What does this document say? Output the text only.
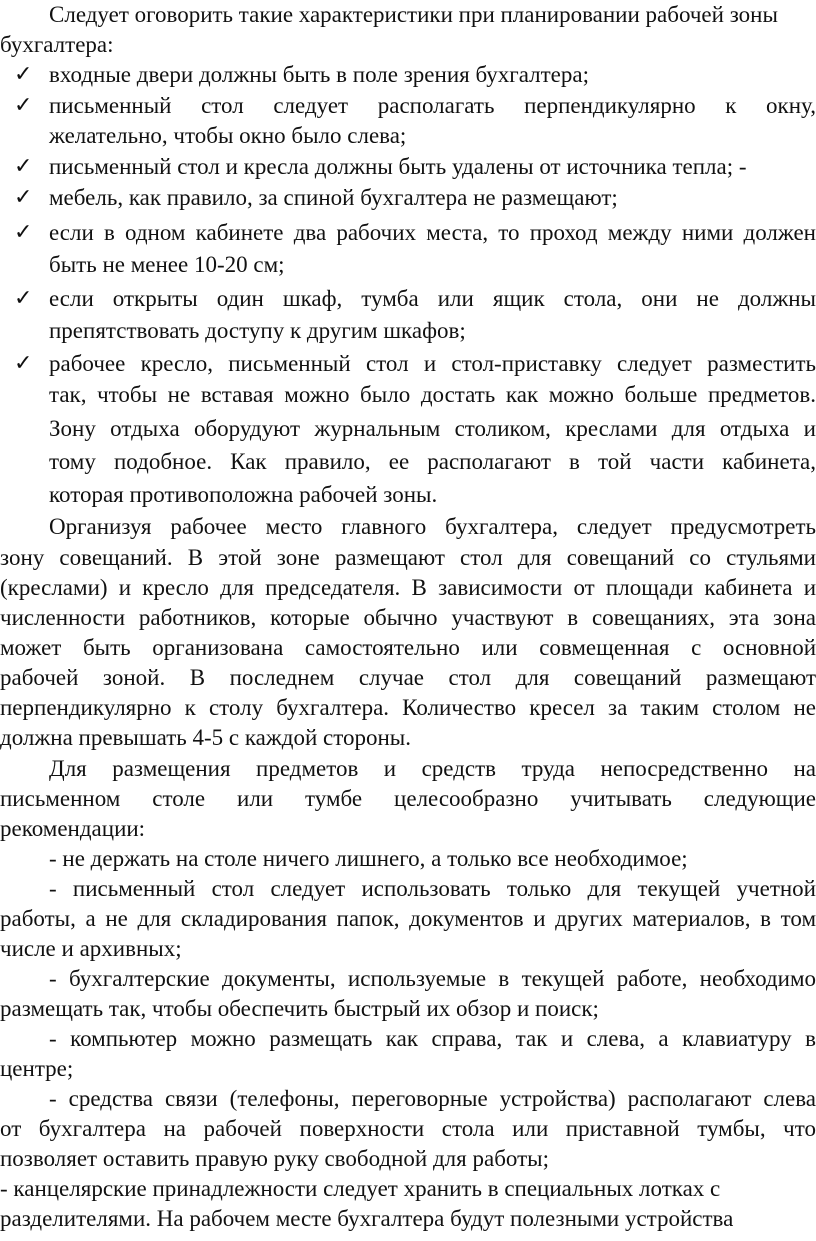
Следует оговорить такие характеристики при планировании рабочей зоны
бухгалтера:
✓ входные двери должны быть в поле зрения бухгалтера;
✓ письменный стол следует располагать перпендикулярно к окну,
желательно, чтобы окно было слева;
✓ письменный стол и кресла должны быть удалены от источника тепла; -
✓ мебель, как правило, за спиной бухгалтера не размещают;
✓ если в одном кабинете два рабочих места, то проход между ними должен
быть не менее 10-20 см;
✓ если открыты один шкаф, тумба или ящик стола, они не должны
препятствовать доступу к другим шкафов;
✓ рабочее кресло, письменный стол и стол-приставку следует разместить
так, чтобы не вставая можно было достать как можно больше предметов.
Зону отдыха оборудуют журнальным столиком, креслами для отдыха и
тому подобное. Как правило, ее располагают в той части кабинета,
которая противоположна рабочей зоны.
Организуя рабочее место главного бухгалтера, следует предусмотреть
зону совещаний. В этой зоне размещают стол для совещаний со стульями
(креслами) и кресло для председателя. В зависимости от площади кабинета и
численности работников, которые обычно участвуют в совещаниях, эта зона
может быть организована самостоятельно или совмещенная с основной
рабочей зоной. В последнем случае стол для совещаний размещают
перпендикулярно к столу бухгалтера. Количество кресел за таким столом не
должна превышать 4-5 с каждой стороны.
Для размещения предметов и средств труда непосредственно на
письменном столе или тумбе целесообразно учитывать следующие
рекомендации:
- не держать на столе ничего лишнего, а только все необходимое;
- письменный стол следует использовать только для текущей учетной
работы, а не для складирования папок, документов и других материалов, в том
числе и архивных;
- бухгалтерские документы, используемые в текущей работе, необходимо
размещать так, чтобы обеспечить быстрый их обзор и поиск;
- компьютер можно размещать как справа, так и слева, а клавиатуру в
центре;
- средства связи (телефоны, переговорные устройства) располагают слева
от бухгалтера на рабочей поверхности стола или приставной тумбы, что
позволяет оставить правую руку свободной для работы;
- канцелярские принадлежности следует хранить в специальных лотках с
разделителями. На рабочем месте бухгалтера будут полезными устройства
